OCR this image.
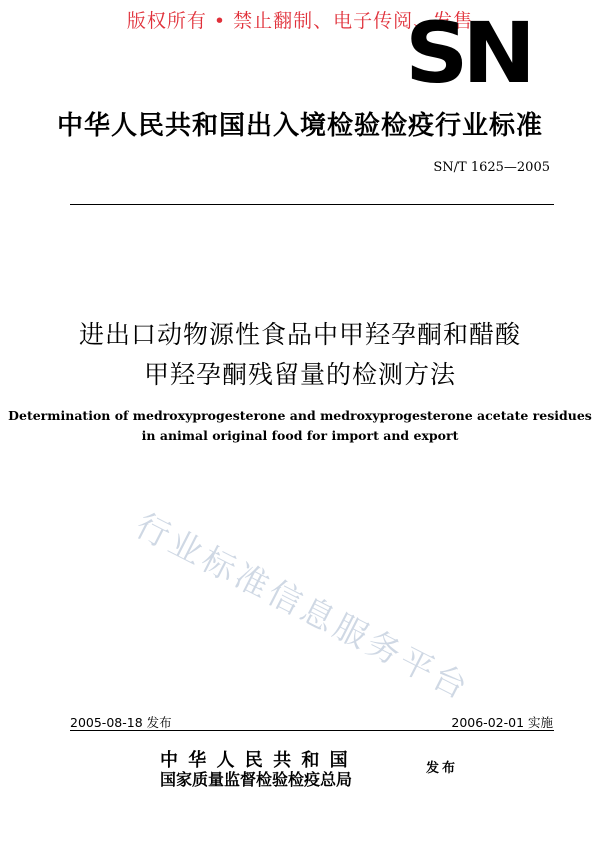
版权所有 • 禁止翻制、电子传阅、发售
SN
中华人民共和国出入境检验检疫行业标准
SN/T 1625—2005
进出口动物源性食品中甲羟孕酮和醋酸
甲羟孕酮残留量的检测方法
Determination of medroxyprogesterone and medroxyprogesterone acetate residues
in animal original food for import and export
行业标准信息服务平台
2005-08-18 发布	2006-02-01 实施
中 华 人 民 共 和 国
国家质量监督检验检疫总局
发布
